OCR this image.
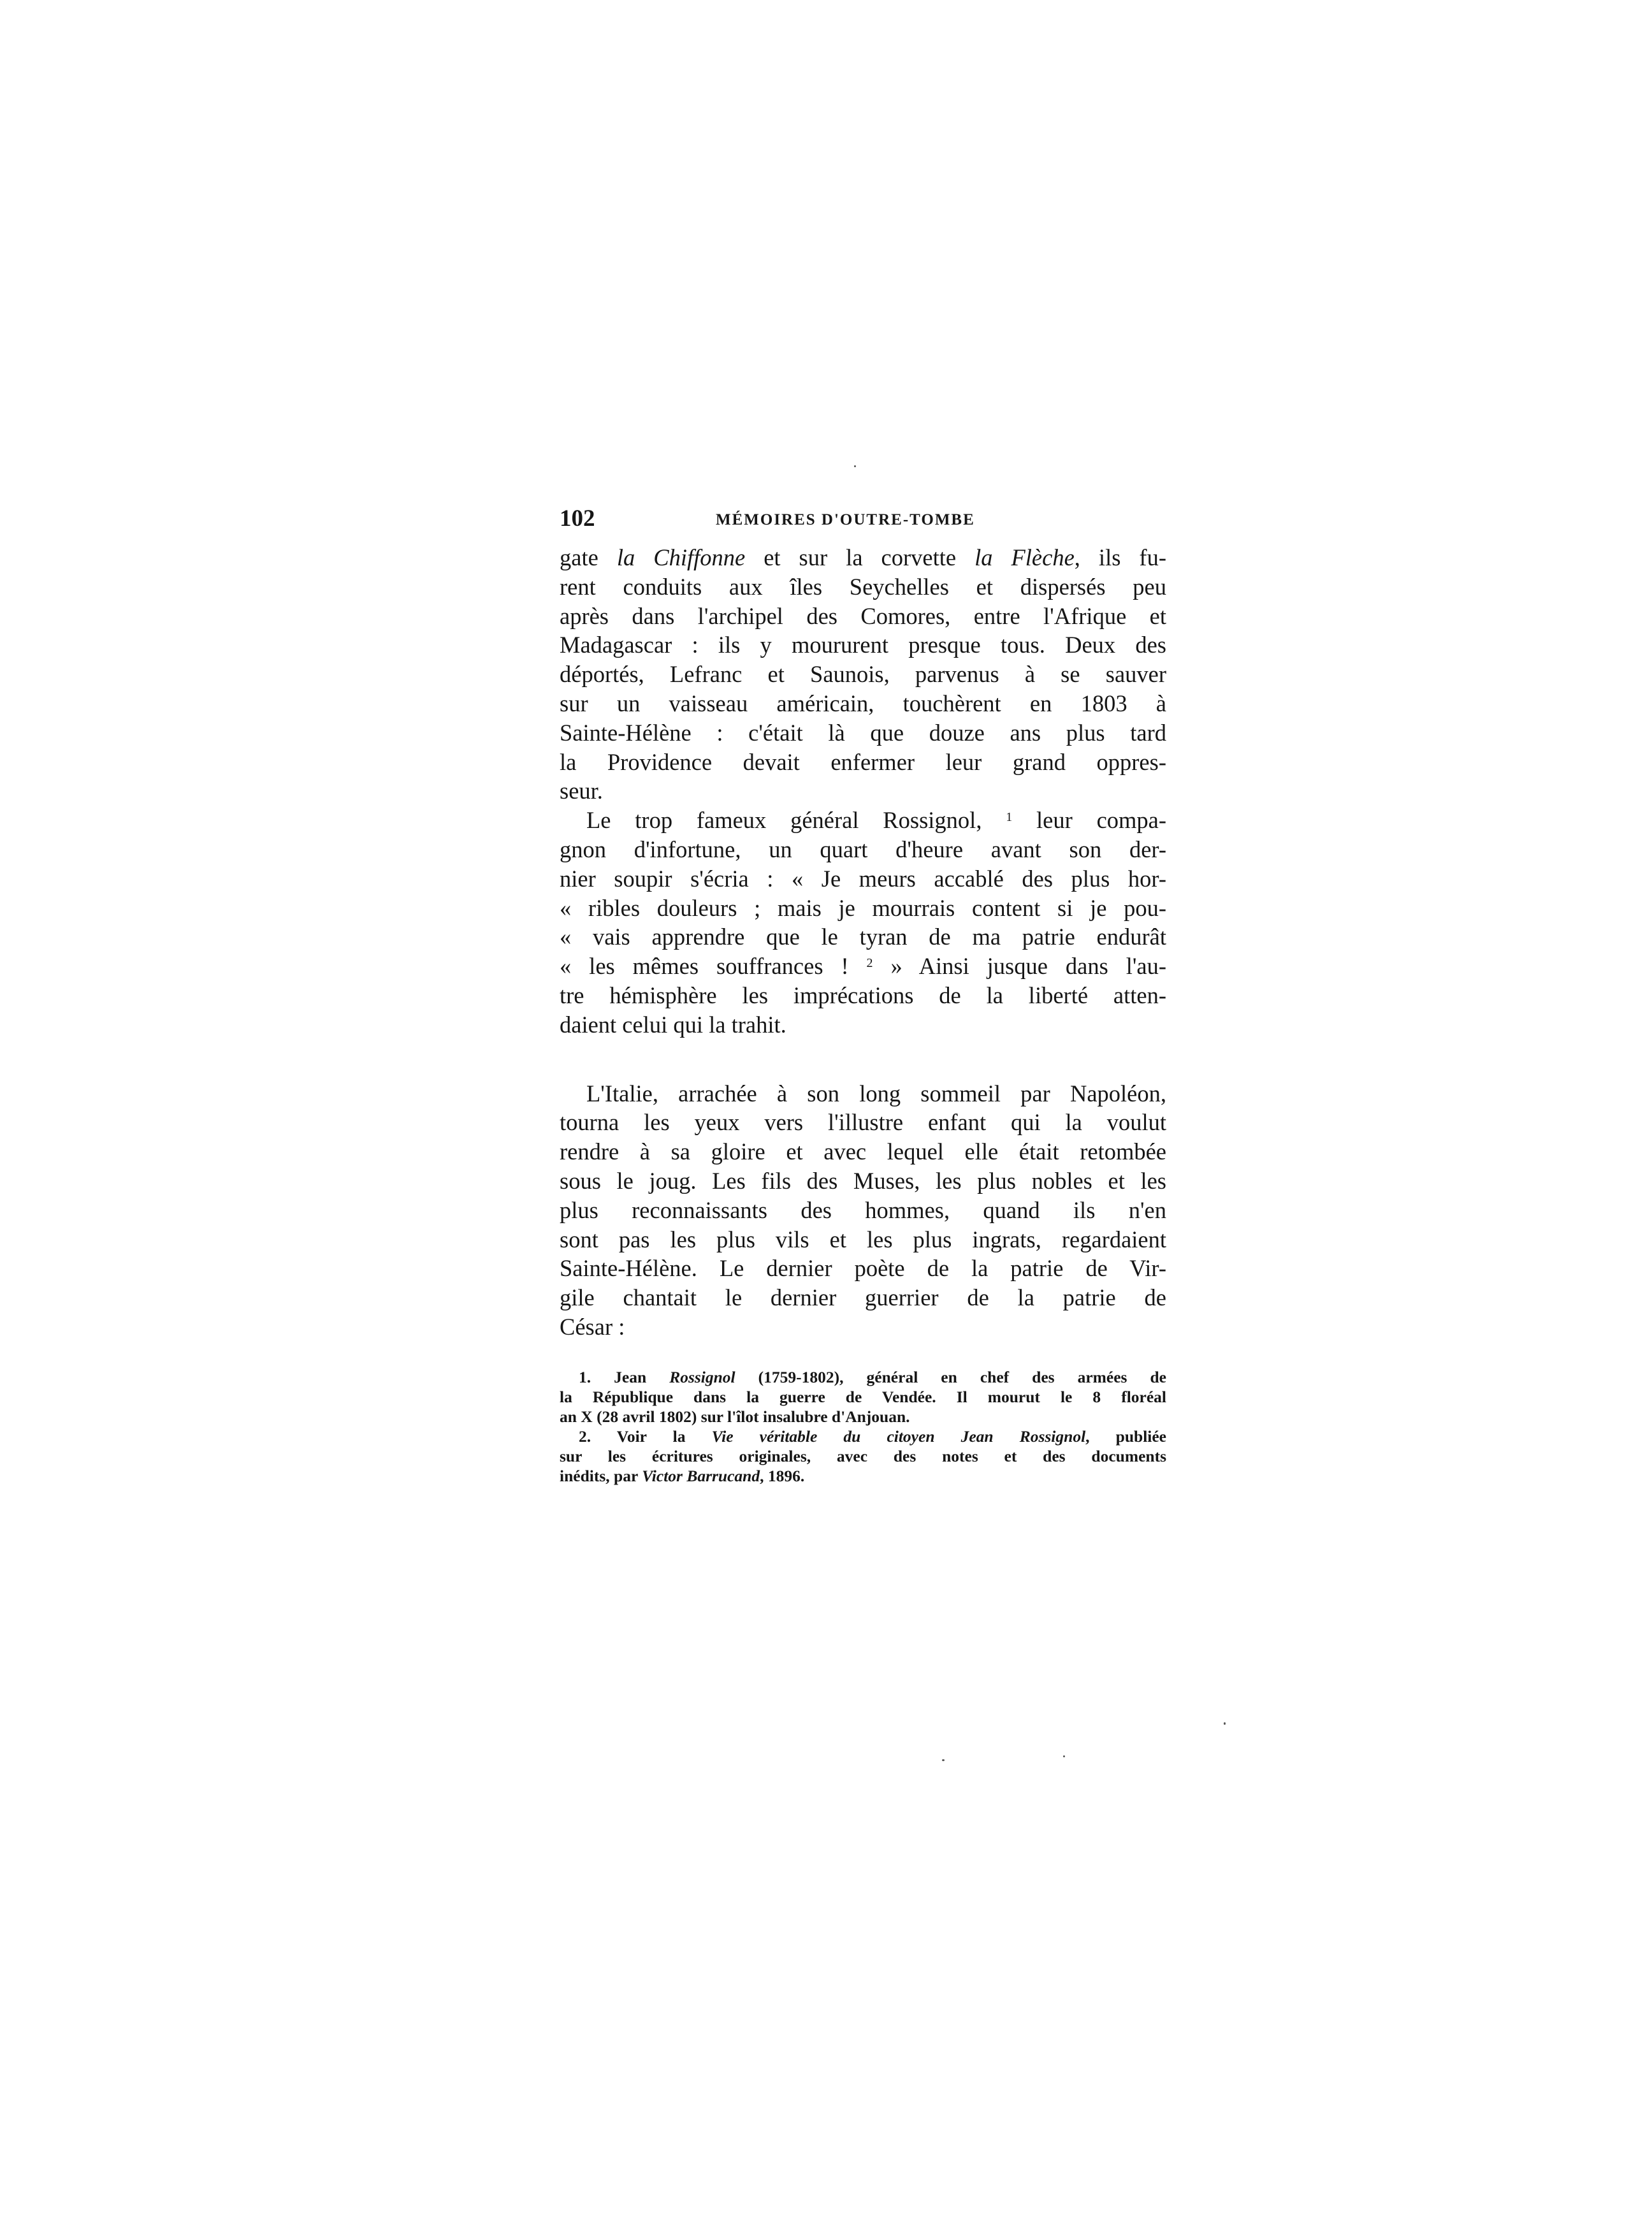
102	MÉMOIRES D'OUTRE-TOMBE
gate la Chiffonne et sur la corvette la Flèche, ils fu-
rent conduits aux îles Seychelles et dispersés peu
après dans l'archipel des Comores, entre l'Afrique et
Madagascar : ils y moururent presque tous. Deux des
déportés, Lefranc et Saunois, parvenus à se sauver
sur un vaisseau américain, touchèrent en 1803 à
Sainte-Hélène : c'était là que douze ans plus tard
la Providence devait enfermer leur grand oppres-
seur.
Le trop fameux général Rossignol, $^1$ leur compa-
gnon d'infortune, un quart d'heure avant son der-
nier soupir s'écria : « Je meurs accablé des plus hor-
« ribles douleurs ; mais je mourrais content si je pou-
« vais apprendre que le tyran de ma patrie endurât
« les mêmes souffrances ! $^2$ » Ainsi jusque dans l'au-
tre hémisphère les imprécations de la liberté atten-
daient celui qui la trahit.
L'Italie, arrachée à son long sommeil par Napoléon,
tourna les yeux vers l'illustre enfant qui la voulut
rendre à sa gloire et avec lequel elle était retombée
sous le joug. Les fils des Muses, les plus nobles et les
plus reconnaissants des hommes, quand ils n'en
sont pas les plus vils et les plus ingrats, regardaient
Sainte-Hélène. Le dernier poète de la patrie de Vir-
gile chantait le dernier guerrier de la patrie de
César :
1. Jean Rossignol (1759-1802), général en chef des armées de
la République dans la guerre de Vendée. Il mourut le 8 floréal
an X (28 avril 1802) sur l'îlot insalubre d'Anjouan.
2. Voir la Vie véritable du citoyen Jean Rossignol, publiée
sur les écritures originales, avec des notes et des documents
inédits, par Victor Barrucand, 1896.
